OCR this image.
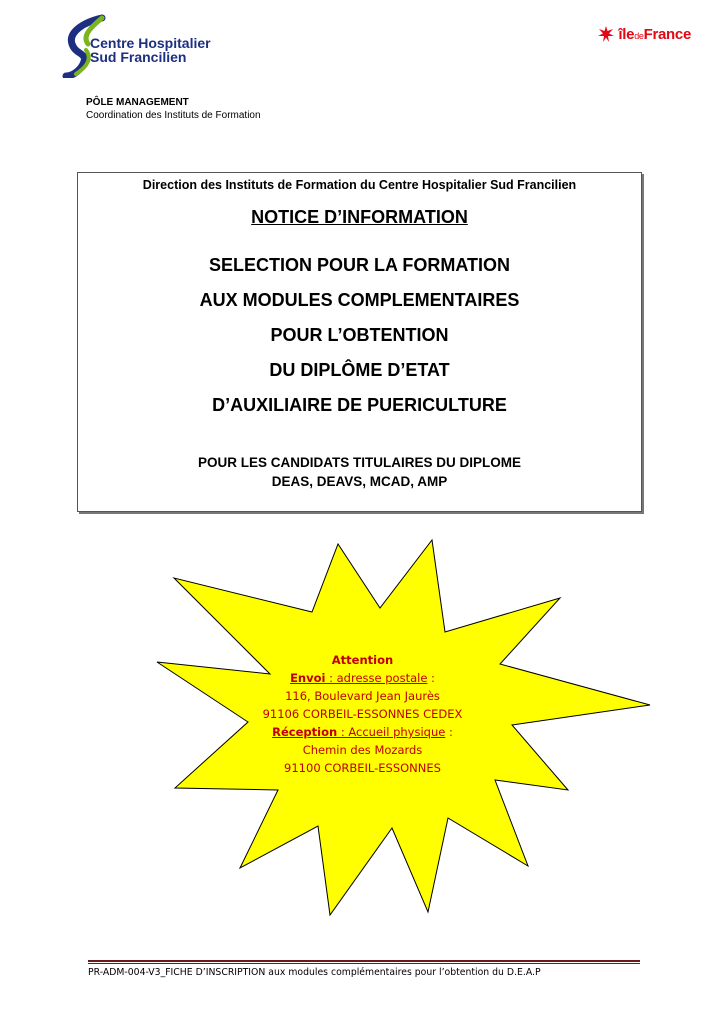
Centre Hospitalier
Sud Francilien
îledeFrance
PÔLE MANAGEMENT
Coordination des Instituts de Formation
Direction des Instituts de Formation du Centre Hospitalier Sud Francilien
NOTICE D’INFORMATION
SELECTION POUR LA FORMATION
AUX MODULES COMPLEMENTAIRES
POUR L’OBTENTION
DU DIPLÔME D’ETAT
D’AUXILIAIRE DE PUERICULTURE
POUR LES CANDIDATS TITULAIRES DU DIPLOME
DEAS, DEAVS, MCAD, AMP
Attention
Envoi : adresse postale :
116, Boulevard Jean Jaurès
91106 CORBEIL-ESSONNES CEDEX
Réception : Accueil physique :
Chemin des Mozards
91100 CORBEIL-ESSONNES
PR-ADM-004-V3_FICHE D’INSCRIPTION aux modules complémentaires pour l’obtention du D.E.A.P
